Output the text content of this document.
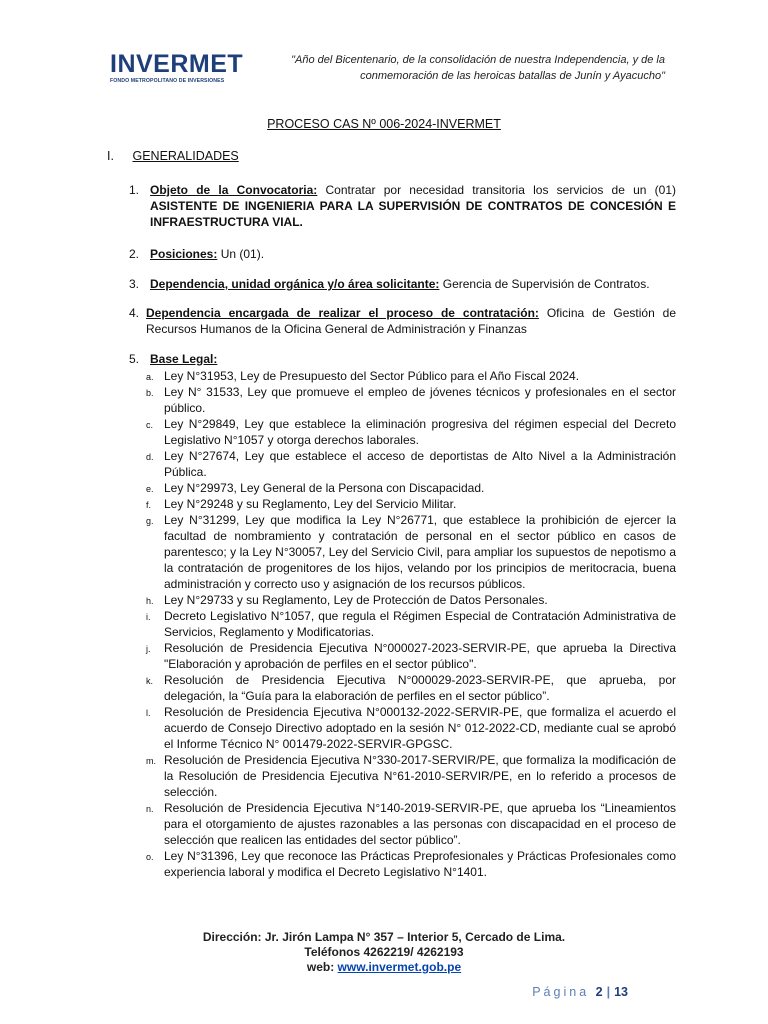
INVERMET
FONDO METROPOLITANO DE INVERSIONES
"Año del Bicentenario, de la consolidación de nuestra Independencia, y de la
conmemoración de las heroicas batallas de Junín y Ayacucho"
PROCESO CAS Nº 006-2024-INVERMET
I. GENERALIDADES
1. Objeto de la Convocatoria: Contratar por necesidad transitoria los servicios de un (01) ASISTENTE DE INGENIERIA PARA LA SUPERVISIÓN DE CONTRATOS DE CONCESIÓN E INFRAESTRUCTURA VIAL.
2. Posiciones: Un (01).
3. Dependencia, unidad orgánica y/o área solicitante: Gerencia de Supervisión de Contratos.
4. Dependencia encargada de realizar el proceso de contratación: Oficina de Gestión de Recursos Humanos de la Oficina General de Administración y Finanzas
5. Base Legal:
a. Ley N°31953, Ley de Presupuesto del Sector Público para el Año Fiscal 2024.
b. Ley N° 31533, Ley que promueve el empleo de jóvenes técnicos y profesionales en el sector público.
c. Ley N°29849, Ley que establece la eliminación progresiva del régimen especial del Decreto Legislativo N°1057 y otorga derechos laborales.
d. Ley N°27674, Ley que establece el acceso de deportistas de Alto Nivel a la Administración Pública.
e. Ley N°29973, Ley General de la Persona con Discapacidad.
f. Ley N°29248 y su Reglamento, Ley del Servicio Militar.
g. Ley N°31299, Ley que modifica la Ley N°26771, que establece la prohibición de ejercer la facultad de nombramiento y contratación de personal en el sector público en casos de parentesco; y la Ley N°30057, Ley del Servicio Civil, para ampliar los supuestos de nepotismo a la contratación de progenitores de los hijos, velando por los principios de meritocracia, buena administración y correcto uso y asignación de los recursos públicos.
h. Ley N°29733 y su Reglamento, Ley de Protección de Datos Personales.
i. Decreto Legislativo N°1057, que regula el Régimen Especial de Contratación Administrativa de Servicios, Reglamento y Modificatorias.
j. Resolución de Presidencia Ejecutiva N°000027-2023-SERVIR-PE, que aprueba la Directiva "Elaboración y aprobación de perfiles en el sector público".
k. Resolución de Presidencia Ejecutiva N°000029-2023-SERVIR-PE, que aprueba, por delegación, la “Guía para la elaboración de perfiles en el sector público”.
l. Resolución de Presidencia Ejecutiva N°000132-2022-SERVIR-PE, que formaliza el acuerdo el acuerdo de Consejo Directivo adoptado en la sesión N° 012-2022-CD, mediante cual se aprobó el Informe Técnico N° 001479-2022-SERVIR-GPGSC.
m. Resolución de Presidencia Ejecutiva N°330-2017-SERVIR/PE, que formaliza la modificación de la Resolución de Presidencia Ejecutiva N°61-2010-SERVIR/PE, en lo referido a procesos de selección.
n. Resolución de Presidencia Ejecutiva N°140-2019-SERVIR-PE, que aprueba los “Lineamientos para el otorgamiento de ajustes razonables a las personas con discapacidad en el proceso de selección que realicen las entidades del sector público”.
o. Ley N°31396, Ley que reconoce las Prácticas Preprofesionales y Prácticas Profesionales como experiencia laboral y modifica el Decreto Legislativo N°1401.
Dirección: Jr. Jirón Lampa N° 357 – Interior 5, Cercado de Lima.
Teléfonos 4262219/ 4262193
web: www.invermet.gob.pe
Página 2 | 13
